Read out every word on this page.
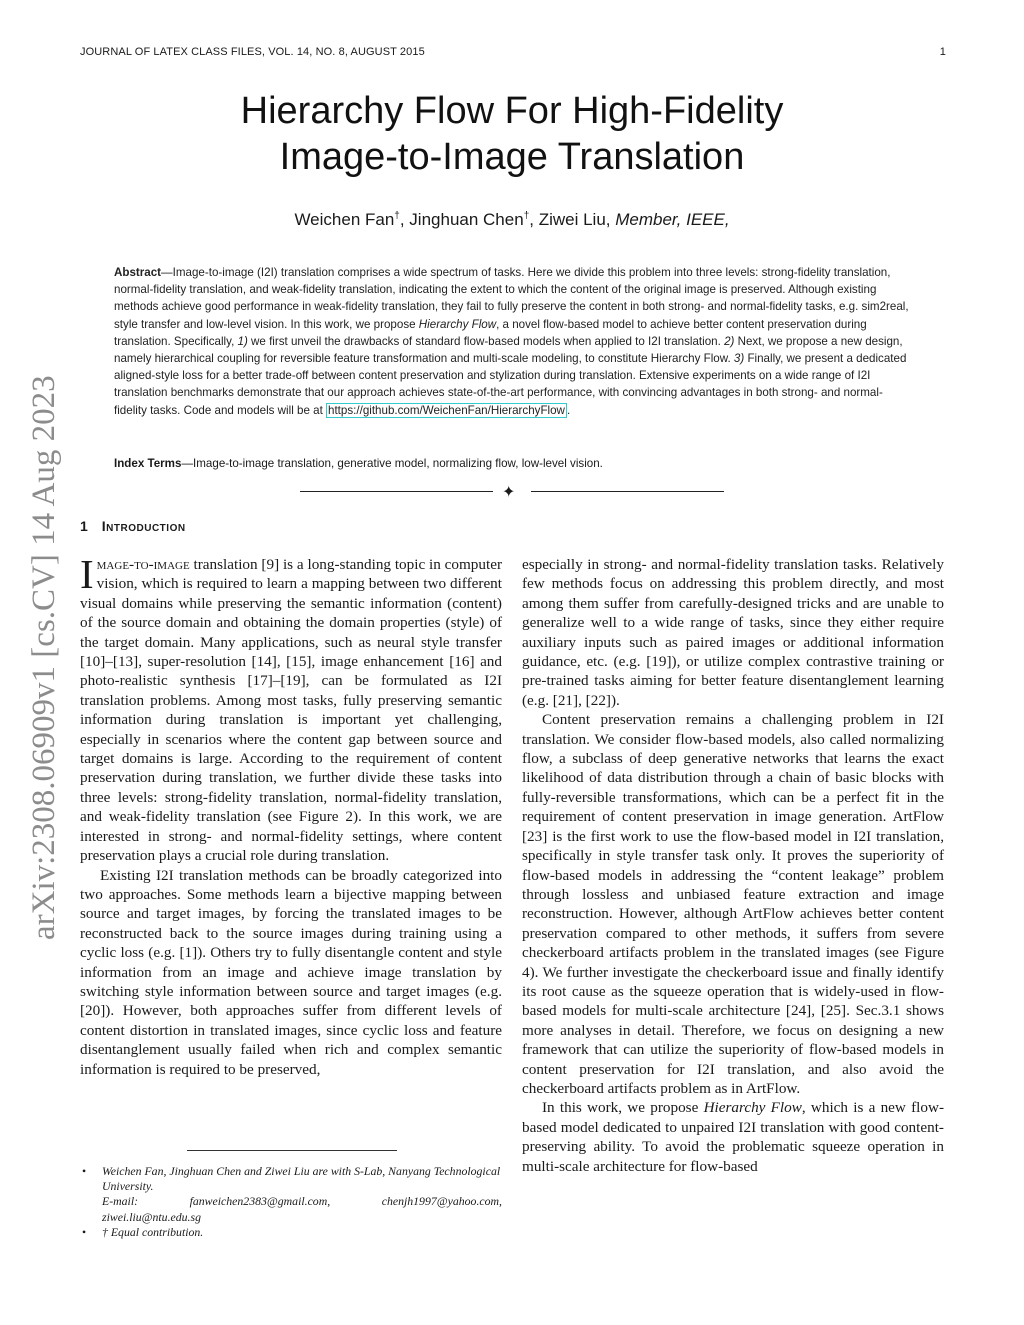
JOURNAL OF LATEX CLASS FILES, VOL. 14, NO. 8, AUGUST 2015	1
arXiv:2308.06909v1 [cs.CV] 14 Aug 2023
Hierarchy Flow For High-Fidelity
Image-to-Image Translation
Weichen Fan†, Jinghuan Chen†, Ziwei Liu, Member, IEEE,
Abstract—Image-to-image (I2I) translation comprises a wide spectrum of tasks. Here we divide this problem into three levels: strong-fidelity translation, normal-fidelity translation, and weak-fidelity translation, indicating the extent to which the content of the original image is preserved. Although existing methods achieve good performance in weak-fidelity translation, they fail to fully preserve the content in both strong- and normal-fidelity tasks, e.g. sim2real, style transfer and low-level vision. In this work, we propose Hierarchy Flow, a novel flow-based model to achieve better content preservation during translation. Specifically, 1) we first unveil the drawbacks of standard flow-based models when applied to I2I translation. 2) Next, we propose a new design, namely hierarchical coupling for reversible feature transformation and multi-scale modeling, to constitute Hierarchy Flow. 3) Finally, we present a dedicated aligned-style loss for a better trade-off between content preservation and stylization during translation. Extensive experiments on a wide range of I2I translation benchmarks demonstrate that our approach achieves state-of-the-art performance, with convincing advantages in both strong- and normal-fidelity tasks. Code and models will be at https://github.com/WeichenFan/HierarchyFlow .
Index Terms—Image-to-image translation, generative model, normalizing flow, low-level vision.
✦
1 Introduction

Image-to-image translation [9] is a long-standing topic in computer vision, which is required to learn a mapping between two different visual domains while preserving the semantic information (content) of the source domain and obtaining the domain properties (style) of the target domain. Many applications, such as neural style transfer [10]–[13], super-resolution [14], [15], image enhancement [16] and photo-realistic synthesis [17]–[19], can be formulated as I2I translation problems. Among most tasks, fully preserving semantic information during translation is important yet challenging, especially in scenarios where the content gap between source and target domains is large. According to the requirement of content preservation during translation, we further divide these tasks into three levels: strong-fidelity translation, normal-fidelity translation, and weak-fidelity translation (see Figure 2). In this work, we are interested in strong- and normal-fidelity settings, where content preservation plays a crucial role during translation.

Existing I2I translation methods can be broadly categorized into two approaches. Some methods learn a bijective mapping between source and target images, by forcing the translated images to be reconstructed back to the source images during training using a cyclic loss (e.g. [1]). Others try to fully disentangle content and style information from an image and achieve image translation by switching style information between source and target images (e.g. [20]). However, both approaches suffer from different levels of content distortion in translated images, since cyclic loss and feature disentanglement usually failed when rich and complex semantic information is required to be preserved,

especially in strong- and normal-fidelity translation tasks. Relatively few methods focus on addressing this problem directly, and most among them suffer from carefully-designed tricks and are unable to generalize well to a wide range of tasks, since they either require auxiliary inputs such as paired images or additional information guidance, etc. (e.g. [19]), or utilize complex contrastive training or pre-trained tasks aiming for better feature disentanglement learning (e.g. [21], [22]).

Content preservation remains a challenging problem in I2I translation. We consider flow-based models, also called normalizing flow, a subclass of deep generative networks that learns the exact likelihood of data distribution through a chain of basic blocks with fully-reversible transformations, which can be a perfect fit in the requirement of content preservation in image generation. ArtFlow [23] is the first work to use the flow-based model in I2I translation, specifically in style transfer task only. It proves the superiority of flow-based models in addressing the “content leakage” problem through lossless and unbiased feature extraction and image reconstruction. However, although ArtFlow achieves better content preservation compared to other methods, it suffers from severe checkerboard artifacts problem in the translated images (see Figure 4). We further investigate the checkerboard issue and finally identify its root cause as the squeeze operation that is widely-used in flow-based models for multi-scale architecture [24], [25]. Sec.3.1 shows more analyses in detail. Therefore, we focus on designing a new framework that can utilize the superiority of flow-based models in content preservation for I2I translation, and also avoid the checkerboard artifacts problem as in ArtFlow.

In this work, we propose Hierarchy Flow, which is a new flow-based model dedicated to unpaired I2I translation with good content-preserving ability. To avoid the problematic squeeze operation in multi-scale architecture for flow-based

• Weichen Fan, Jinghuan Chen and Ziwei Liu are with S-Lab, Nanyang Technological University.
E-mail:	fanweichen2383@gmail.com,	chenjh1997@yahoo.com,
ziwei.liu@ntu.edu.sg
• † Equal contribution.
